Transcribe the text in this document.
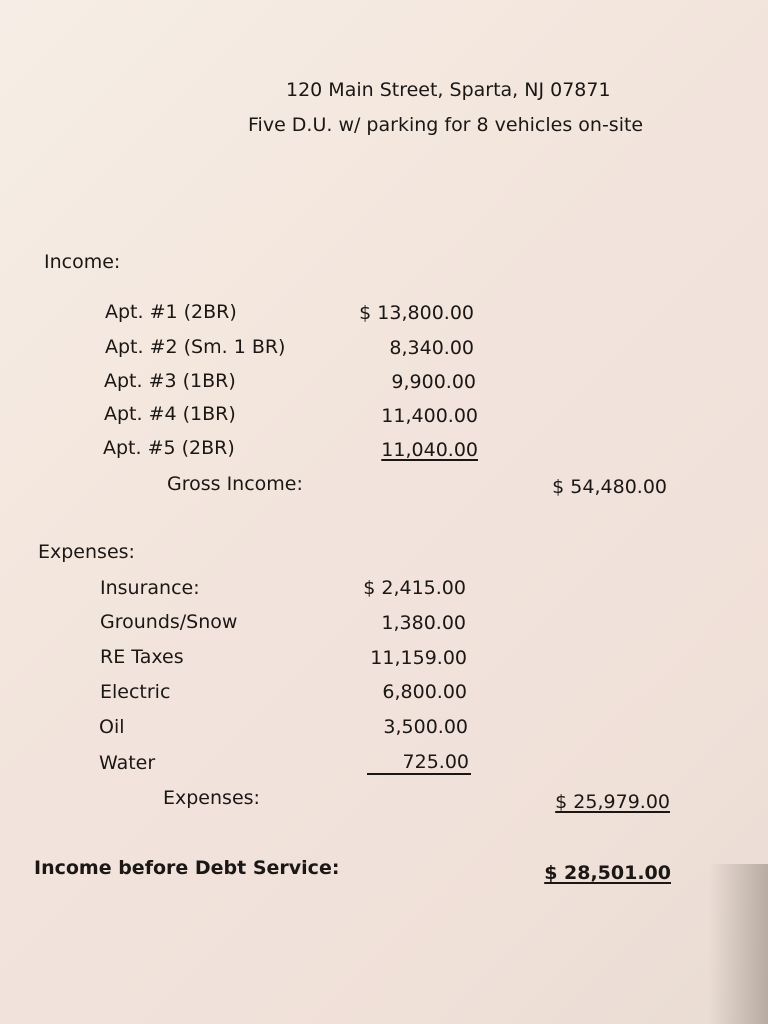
120 Main Street, Sparta, NJ 07871
Five D.U. w/ parking for 8 vehicles on-site
Income:
Apt. #1 (2BR)	$ 13,800.00
Apt. #2 (Sm. 1 BR)	8,340.00
Apt. #3 (1BR)	9,900.00
Apt. #4 (1BR)	11,400.00
Apt. #5 (2BR)	11,040.00
Gross Income:	$ 54,480.00
Expenses:
Insurance:	$ 2,415.00
Grounds/Snow	1,380.00
RE Taxes	11,159.00
Electric	6,800.00
Oil	3,500.00
Water	725.00
Expenses:	$ 25,979.00
Income before Debt Service:	$ 28,501.00
